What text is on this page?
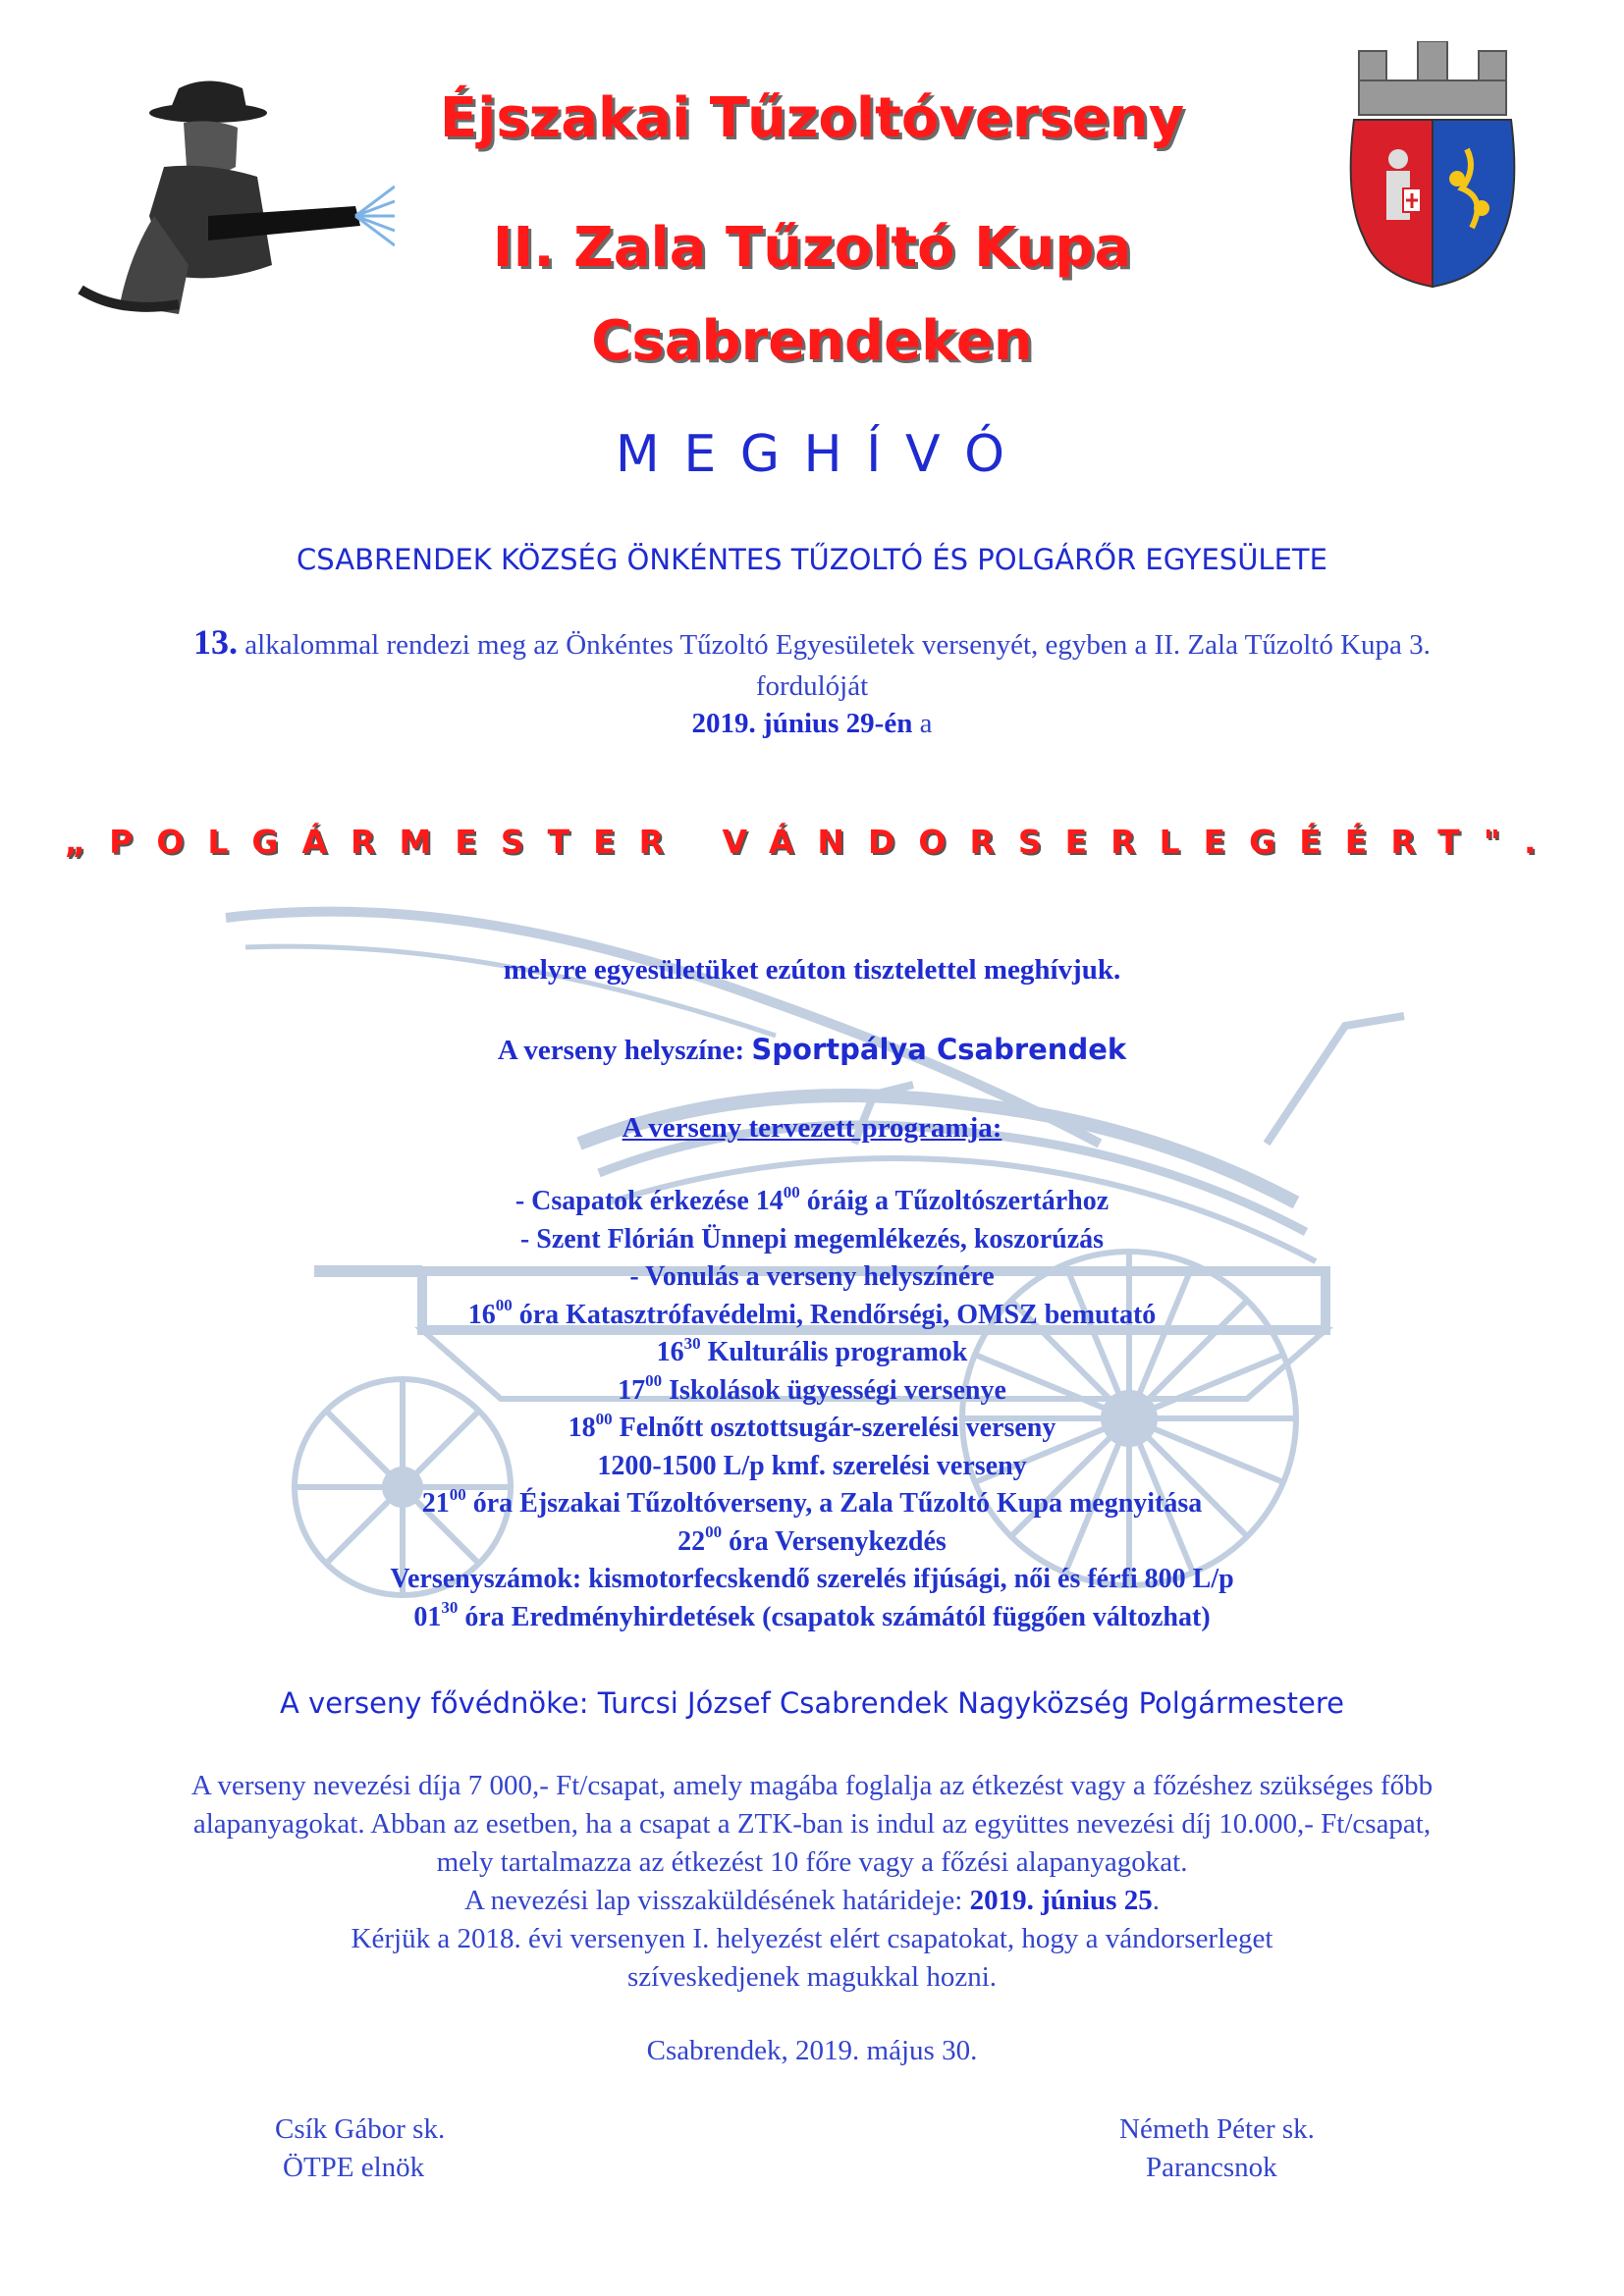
Éjszakai Tűzoltóverseny
II. Zala Tűzoltó Kupa
Csabrendeken
M E G H Í V Ó
CSABRENDEK KÖZSÉG ÖNKÉNTES TŰZOLTÓ ÉS POLGÁRŐR EGYESÜLETE
13. alkalommal rendezi meg az Önkéntes Tűzoltó Egyesületek versenyét, egyben a II. Zala Tűzoltó Kupa 3.
fordulóját
2019. június 29-én a
„POLGÁRMESTER VÁNDORSERLEGÉÉRT".
melyre egyesületüket ezúton tisztelettel meghívjuk.
A verseny helyszíne: Sportpálya Csabrendek
A verseny tervezett programja:
- Csapatok érkezése $14^{00}$ óráig a Tűzoltószertárhoz
- Szent Flórián Ünnepi megemlékezés, koszorúzás
- Vonulás a verseny helyszínére
$16^{00}$ óra Katasztrófavédelmi, Rendőrségi, OMSZ bemutató
$16^{30}$ Kulturális programok
$17^{00}$ Iskolások ügyességi versenye
$18^{00}$ Felnőtt osztottsugár-szerelési verseny
1200-1500 L/p kmf. szerelési verseny
$21^{00}$ óra Éjszakai Tűzoltóverseny, a Zala Tűzoltó Kupa megnyitása
$22^{00}$ óra Versenykezdés
Versenyszámok: kismotorfecskendő szerelés ifjúsági, női és férfi 800 L/p
$01^{30}$ óra Eredményhirdetések (csapatok számától függően változhat)
A verseny fővédnöke: Turcsi József Csabrendek Nagyközség Polgármestere
A verseny nevezési díja 7 000,- Ft/csapat, amely magába foglalja az étkezést vagy a főzéshez szükséges főbb
alapanyagokat. Abban az esetben, ha a csapat a ZTK-ban is indul az együttes nevezési díj 10.000,- Ft/csapat,
mely tartalmazza az étkezést 10 főre vagy a főzési alapanyagokat.
A nevezési lap visszaküldésének határideje: 2019. június 25.
Kérjük a 2018. évi versenyen I. helyezést elért csapatokat, hogy a vándorserleget
szíveskedjenek magukkal hozni.
Csabrendek, 2019. május 30.
Csík Gábor sk.
ÖTPE elnök
Németh Péter sk.
Parancsnok
